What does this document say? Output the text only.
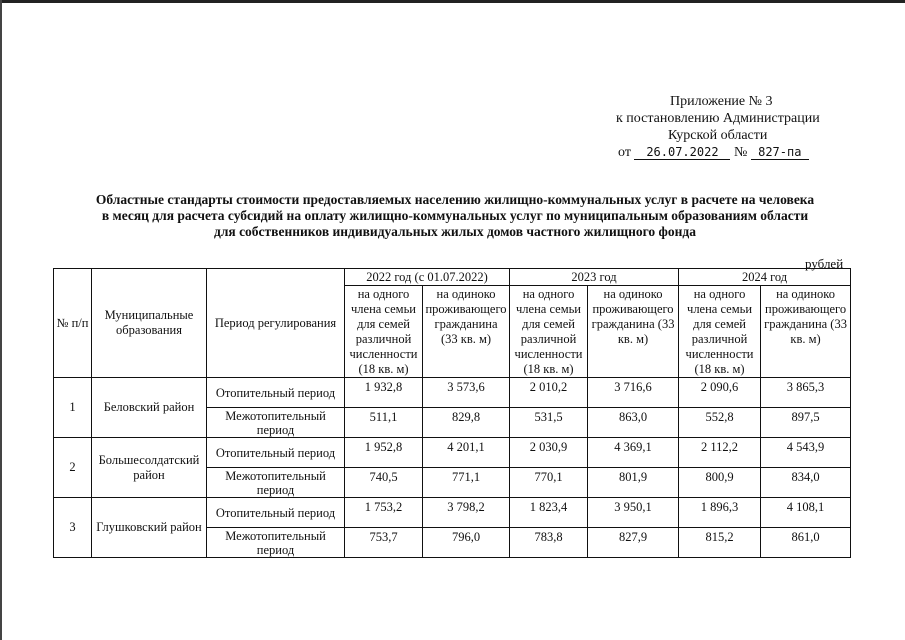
Приложение № 3
к постановлению Администрации
Курской области
от 26.07.2022 № 827-па
Областные стандарты стоимости предоставляемых населению жилищно-коммунальных услуг в расчете на человека
в месяц для расчета субсидий на оплату жилищно-коммунальных услуг по муниципальным образованиям области
для собственников индивидуальных жилых домов частного жилищного фонда
рублей
№ п/п	Муниципальные образования	Период регулирования	2022 год (с 01.07.2022)		2023 год		2024 год	
			на одного члена семьи для семей различной численности (18 кв. м)	на одиноко проживающего гражданина (33 кв. м)	на одного члена семьи для семей различной численности (18 кв. м)	на одиноко проживающего гражданина (33 кв. м)	на одного члена семьи для семей различной численности (18 кв. м)	на одиноко проживающего гражданина (33 кв. м)
1	Беловский район	Отопительный период	1 932,8	3 573,6	2 010,2	3 716,6	2 090,6	3 865,3
		Межотопительный период	511,1	829,8	531,5	863,0	552,8	897,5
2	Большесолдатский район	Отопительный период	1 952,8	4 201,1	2 030,9	4 369,1	2 112,2	4 543,9
		Межотопительный период	740,5	771,1	770,1	801,9	800,9	834,0
3	Глушковский район	Отопительный период	1 753,2	3 798,2	1 823,4	3 950,1	1 896,3	4 108,1
		Межотопительный период	753,7	796,0	783,8	827,9	815,2	861,0
